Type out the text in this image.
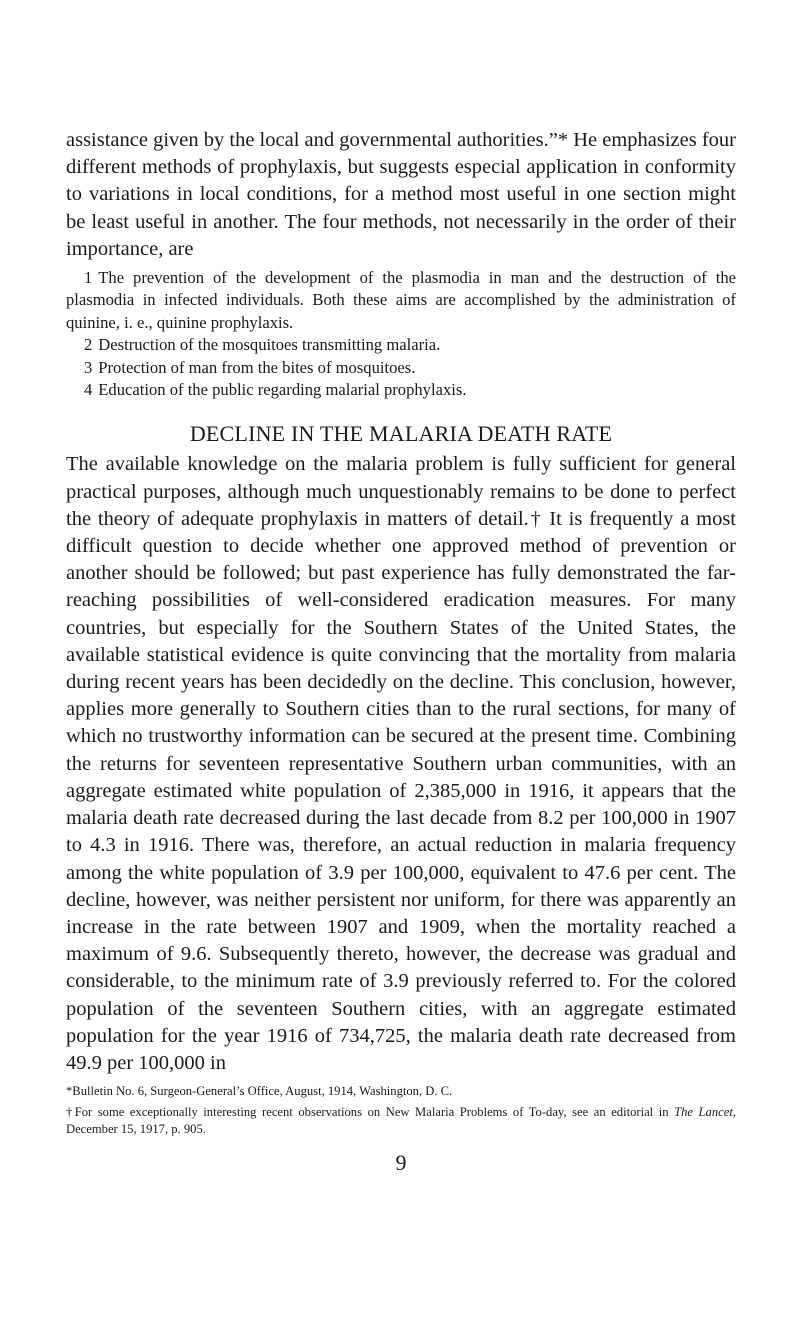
assistance given by the local and governmental authorities.”* He emphasizes four different methods of prophylaxis, but suggests especial application in conformity to variations in local conditions, for a method most useful in one section might be least useful in another. The four methods, not necessarily in the order of their importance, are

1 The prevention of the development of the plasmodia in man and the destruction of the plasmodia in infected individuals. Both these aims are accomplished by the administration of quinine, i. e., quinine prophylaxis.
2 Destruction of the mosquitoes transmitting malaria.
3 Protection of man from the bites of mosquitoes.
4 Education of the public regarding malarial prophylaxis.
DECLINE IN THE MALARIA DEATH RATE

The available knowledge on the malaria problem is fully sufficient for general practical purposes, although much unquestionably remains to be done to perfect the theory of adequate prophylaxis in matters of detail.† It is frequently a most difficult question to decide whether one approved method of prevention or another should be followed; but past experience has fully demonstrated the far-reaching possibilities of well-considered eradication measures. For many countries, but especially for the Southern States of the United States, the available statistical evidence is quite convincing that the mortality from malaria during recent years has been decidedly on the decline. This conclusion, however, applies more generally to Southern cities than to the rural sections, for many of which no trustworthy information can be secured at the present time. Combining the returns for seventeen representative Southern urban communities, with an aggregate estimated white population of 2,385,000 in 1916, it appears that the malaria death rate decreased during the last decade from 8.2 per 100,000 in 1907 to 4.3 in 1916. There was, therefore, an actual reduction in malaria frequency among the white population of 3.9 per 100,000, equivalent to 47.6 per cent. The decline, however, was neither persistent nor uniform, for there was apparently an increase in the rate between 1907 and 1909, when the mortality reached a maximum of 9.6. Subsequently thereto, however, the decrease was gradual and considerable, to the minimum rate of 3.9 previously referred to. For the colored population of the seventeen Southern cities, with an aggregate estimated population for the year 1916 of 734,725, the malaria death rate decreased from 49.9 per 100,000 in

*Bulletin No. 6, Surgeon-General’s Office, August, 1914, Washington, D. C.

†For some exceptionally interesting recent observations on New Malaria Problems of To-day, see an editorial in The Lancet, December 15, 1917, p. 905.

9
